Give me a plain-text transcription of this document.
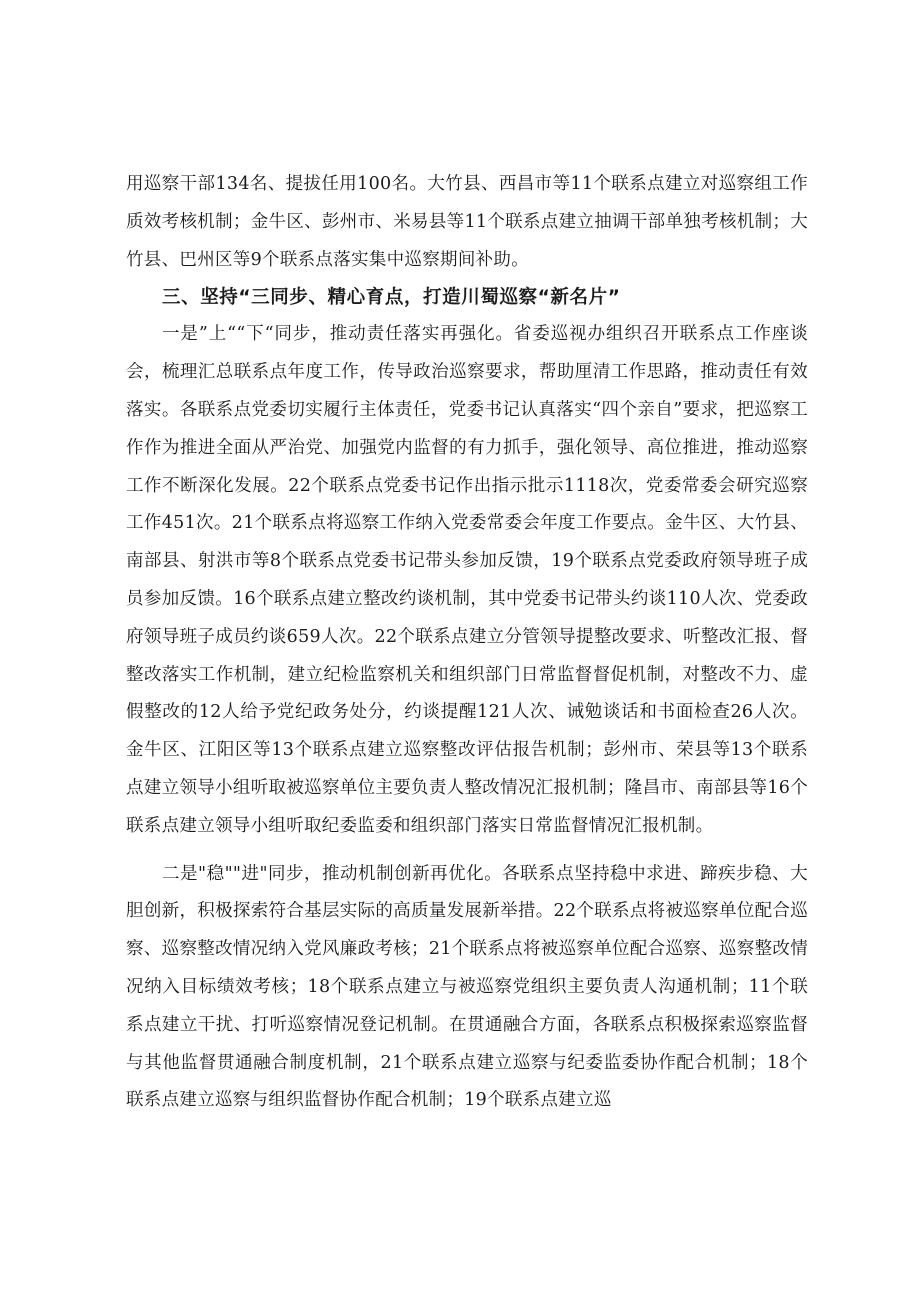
用巡察干部134名、提拔任用100名。大竹县、西昌市等11个联系点建立对巡察组工作质效考核机制；金牛区、彭州市、米易县等11个联系点建立抽调干部单独考核机制；大竹县、巴州区等9个联系点落实集中巡察期间补助。

三、坚持“三同步、精心育点，打造川蜀巡察“新名片”

一是”上““下“同步，推动责任落实再强化。省委巡视办组织召开联系点工作座谈会，梳理汇总联系点年度工作，传导政治巡察要求，帮助厘清工作思路，推动责任有效落实。各联系点党委切实履行主体责任，党委书记认真落实“四个亲自”要求，把巡察工作作为推进全面从严治党、加强党内监督的有力抓手，强化领导、高位推进，推动巡察工作不断深化发展。22个联系点党委书记作出指示批示1118次，党委常委会研究巡察工作451次。21个联系点将巡察工作纳入党委常委会年度工作要点。金牛区、大竹县、南部县、射洪市等8个联系点党委书记带头参加反馈，19个联系点党委政府领导班子成员参加反馈。16个联系点建立整改约谈机制，其中党委书记带头约谈110人次、党委政府领导班子成员约谈659人次。22个联系点建立分管领导提整改要求、听整改汇报、督整改落实工作机制，建立纪检监察机关和组织部门日常监督督促机制，对整改不力、虚假整改的12人给予党纪政务处分，约谈提醒121人次、诫勉谈话和书面检查26人次。金牛区、江阳区等13个联系点建立巡察整改评估报告机制；彭州市、荣县等13个联系点建立领导小组听取被巡察单位主要负责人整改情况汇报机制；隆昌市、南部县等16个联系点建立领导小组听取纪委监委和组织部门落实日常监督情况汇报机制。

二是"稳""进"同步，推动机制创新再优化。各联系点坚持稳中求进、蹄疾步稳、大胆创新，积极探索符合基层实际的高质量发展新举措。22个联系点将被巡察单位配合巡察、巡察整改情况纳入党风廉政考核；21个联系点将被巡察单位配合巡察、巡察整改情况纳入目标绩效考核；18个联系点建立与被巡察党组织主要负责人沟通机制；11个联系点建立干扰、打听巡察情况登记机制。在贯通融合方面，各联系点积极探索巡察监督与其他监督贯通融合制度机制，21个联系点建立巡察与纪委监委协作配合机制；18个联系点建立巡察与组织监督协作配合机制；19个联系点建立巡
